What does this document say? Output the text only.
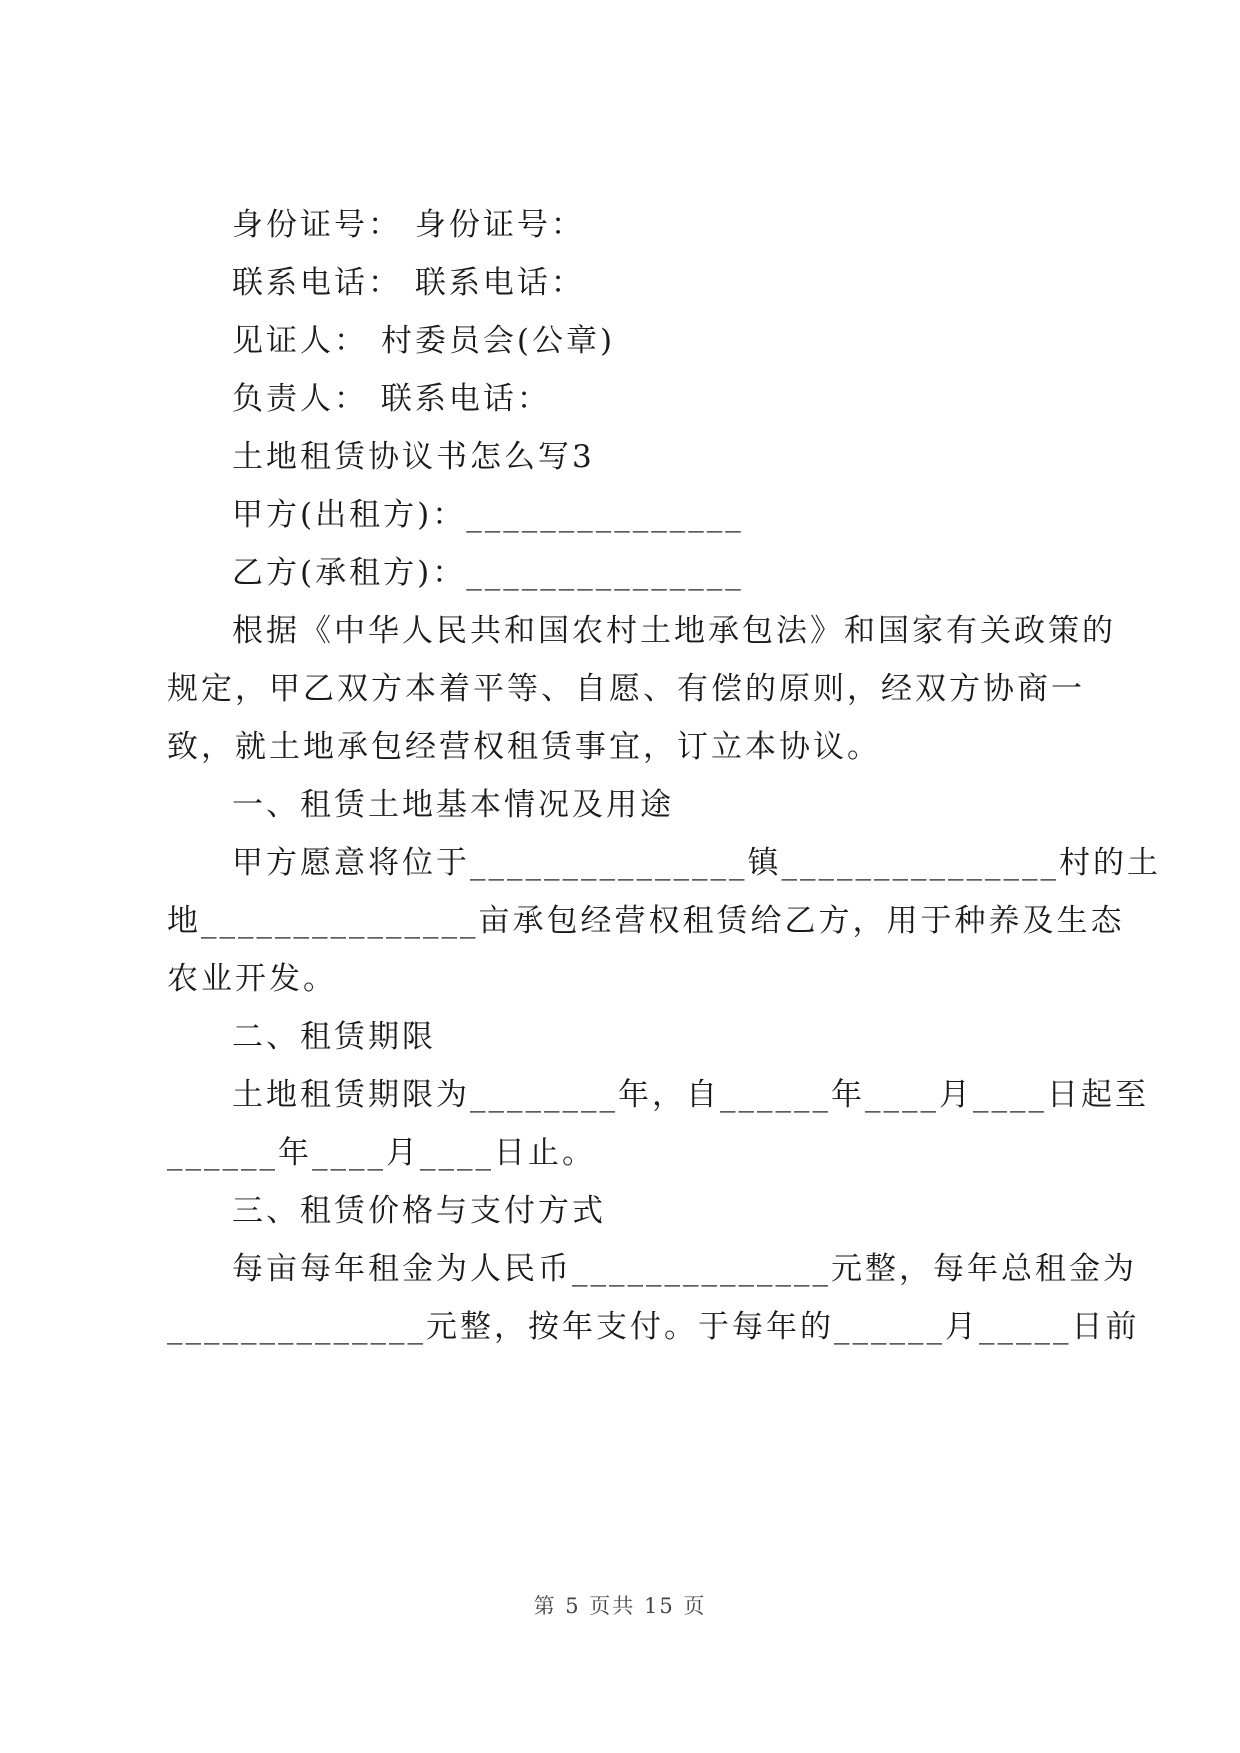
身份证号： 身份证号：
联系电话： 联系电话：
见证人： 村委员会(公章)
负责人： 联系电话：
土地租赁协议书怎么写3
甲方(出租方)：_______________
乙方(承租方)：_______________
根据《中华人民共和国农村土地承包法》和国家有关政策的
规定，甲乙双方本着平等、自愿、有偿的原则，经双方协商一
致，就土地承包经营权租赁事宜，订立本协议。
一、租赁土地基本情况及用途
甲方愿意将位于_______________镇_______________村的土
地_______________亩承包经营权租赁给乙方，用于种养及生态
农业开发。
二、租赁期限
土地租赁期限为________年，自______年____月____日起至
______年____月____日止。
三、租赁价格与支付方式
每亩每年租金为人民币______________元整，每年总租金为
______________元整，按年支付。于每年的______月_____日前
第 5 页共 15 页
